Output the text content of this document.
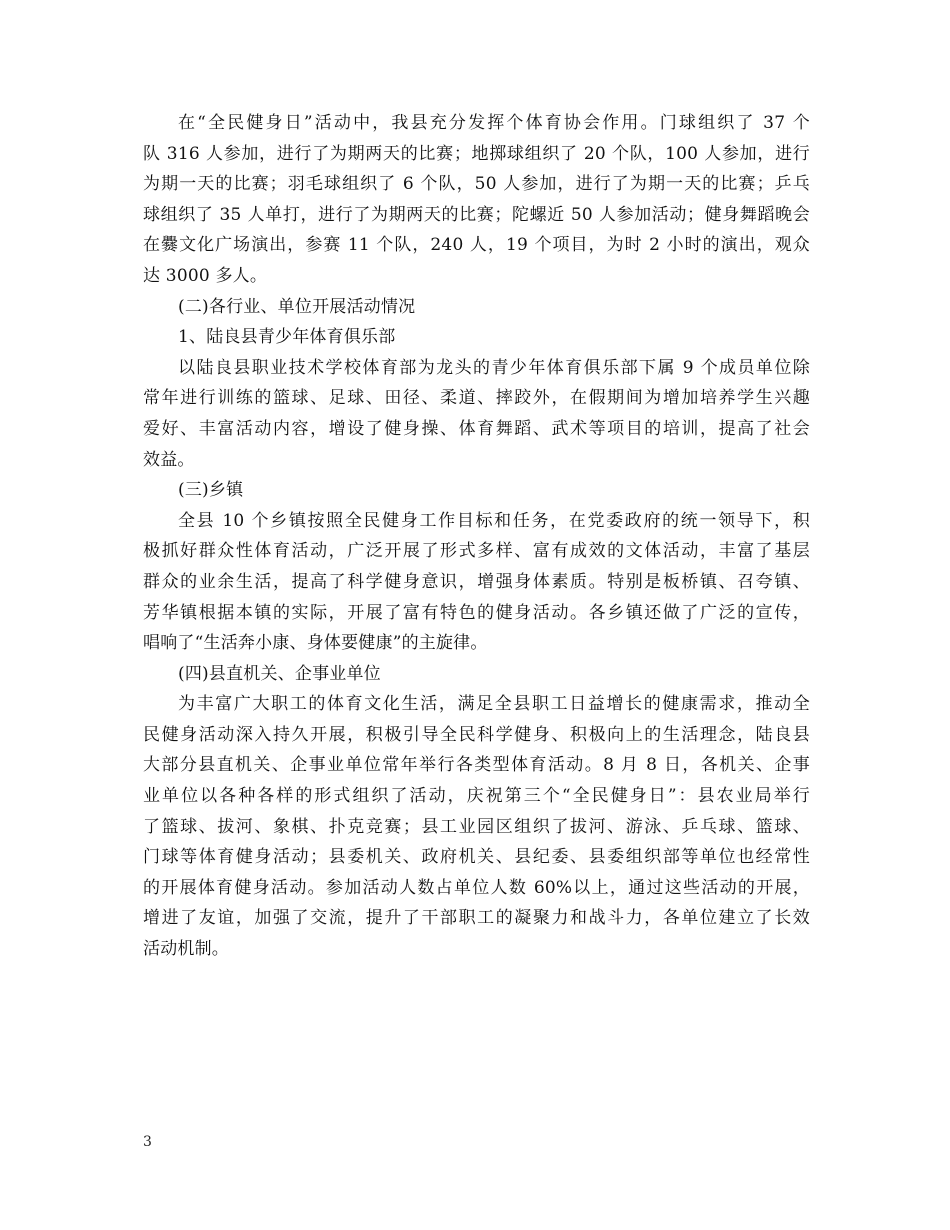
在“全民健身日”活动中，我县充分发挥个体育协会作用。门球组织了 37 个
队 316 人参加，进行了为期两天的比赛；地掷球组织了 20 个队，100 人参加，进行
为期一天的比赛；羽毛球组织了 6 个队，50 人参加，进行了为期一天的比赛；乒乓
球组织了 35 人单打，进行了为期两天的比赛；陀螺近 50 人参加活动；健身舞蹈晚会
在爨文化广场演出，参赛 11 个队，240 人，19 个项目，为时 2 小时的演出，观众
达 3000 多人。
(二)各行业、单位开展活动情况
1、陆良县青少年体育俱乐部
以陆良县职业技术学校体育部为龙头的青少年体育俱乐部下属 9 个成员单位除
常年进行训练的篮球、足球、田径、柔道、摔跤外，在假期间为增加培养学生兴趣
爱好、丰富活动内容，增设了健身操、体育舞蹈、武术等项目的培训，提高了社会
效益。
(三)乡镇
全县 10 个乡镇按照全民健身工作目标和任务，在党委政府的统一领导下，积
极抓好群众性体育活动，广泛开展了形式多样、富有成效的文体活动，丰富了基层
群众的业余生活，提高了科学健身意识，增强身体素质。特别是板桥镇、召夸镇、
芳华镇根据本镇的实际，开展了富有特色的健身活动。各乡镇还做了广泛的宣传，
唱响了“生活奔小康、身体要健康”的主旋律。
(四)县直机关、企事业单位
为丰富广大职工的体育文化生活，满足全县职工日益增长的健康需求，推动全
民健身活动深入持久开展，积极引导全民科学健身、积极向上的生活理念，陆良县
大部分县直机关、企事业单位常年举行各类型体育活动。8 月 8 日，各机关、企事
业单位以各种各样的形式组织了活动，庆祝第三个“全民健身日”：县农业局举行
了篮球、拔河、象棋、扑克竞赛；县工业园区组织了拔河、游泳、乒乓球、篮球、
门球等体育健身活动；县委机关、政府机关、县纪委、县委组织部等单位也经常性
的开展体育健身活动。参加活动人数占单位人数 60%以上，通过这些活动的开展，
增进了友谊，加强了交流，提升了干部职工的凝聚力和战斗力，各单位建立了长效
活动机制。
3
